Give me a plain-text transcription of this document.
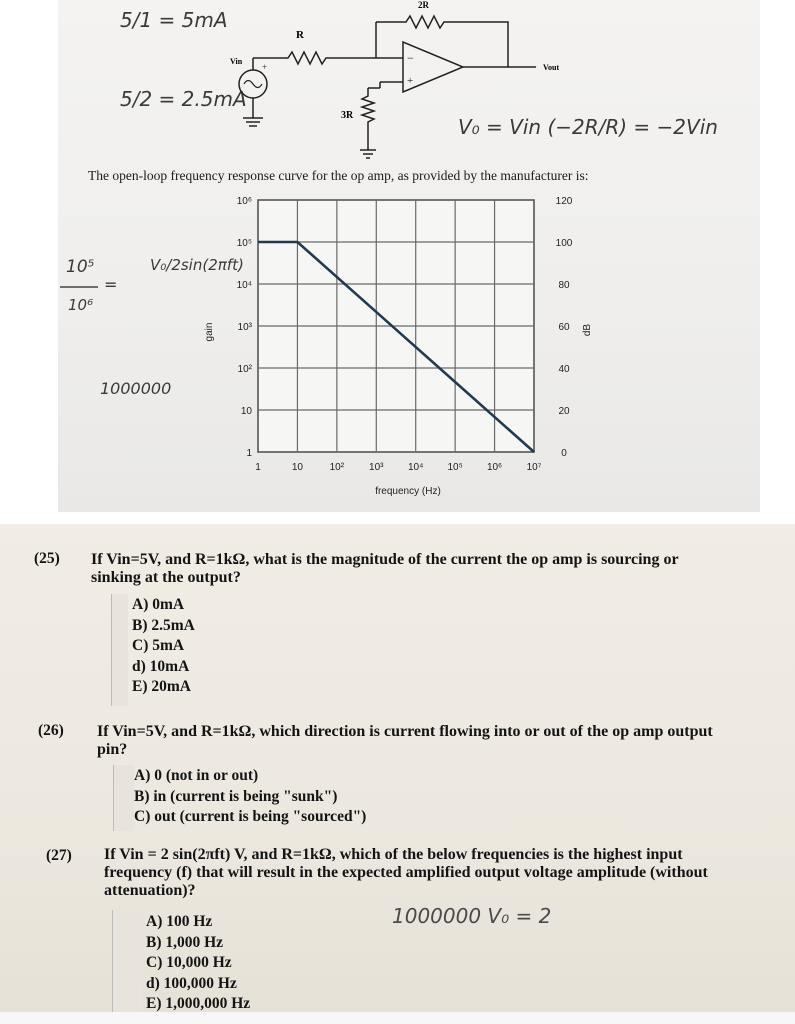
5/1 = 5mA
5/2 = 2.5mA
2R
R
−
+
Vout
3R
Vin
+
V₀ = Vin (−2R/R) = −2Vin
The open-loop frequency response curve for the op amp, as provided by the manufacturer is:
10⁵
10⁶
=
V₀/2sin(2πft)
1000000
1	10	10² 10³ 10⁴ 10⁵ 10⁶ 10⁷
1
10
10²
10³
10⁴
10⁵
10⁶
0
20
40
60
80
100
120
frequency (Hz)
gain	dB
(25) If Vin=5V, and R=1kΩ, what is the magnitude of the current the op amp is sourcing or
sinking at the output?
A) 0mA
B) 2.5mA
C) 5mA
d) 10mA
E) 20mA
(26) If Vin=5V, and R=1kΩ, which direction is current flowing into or out of the op amp output
pin?
A) 0 (not in or out)
B) in (current is being "sunk")
C) out (current is being "sourced")
(27) If Vin = 2 sin(2πft) V, and R=1kΩ, which of the below frequencies is the highest input
frequency (f) that will result in the expected amplified output voltage amplitude (without
attenuation)?
1000000 V₀ = 2
A) 100 Hz
B) 1,000 Hz
C) 10,000 Hz
d) 100,000 Hz
E) 1,000,000 Hz
